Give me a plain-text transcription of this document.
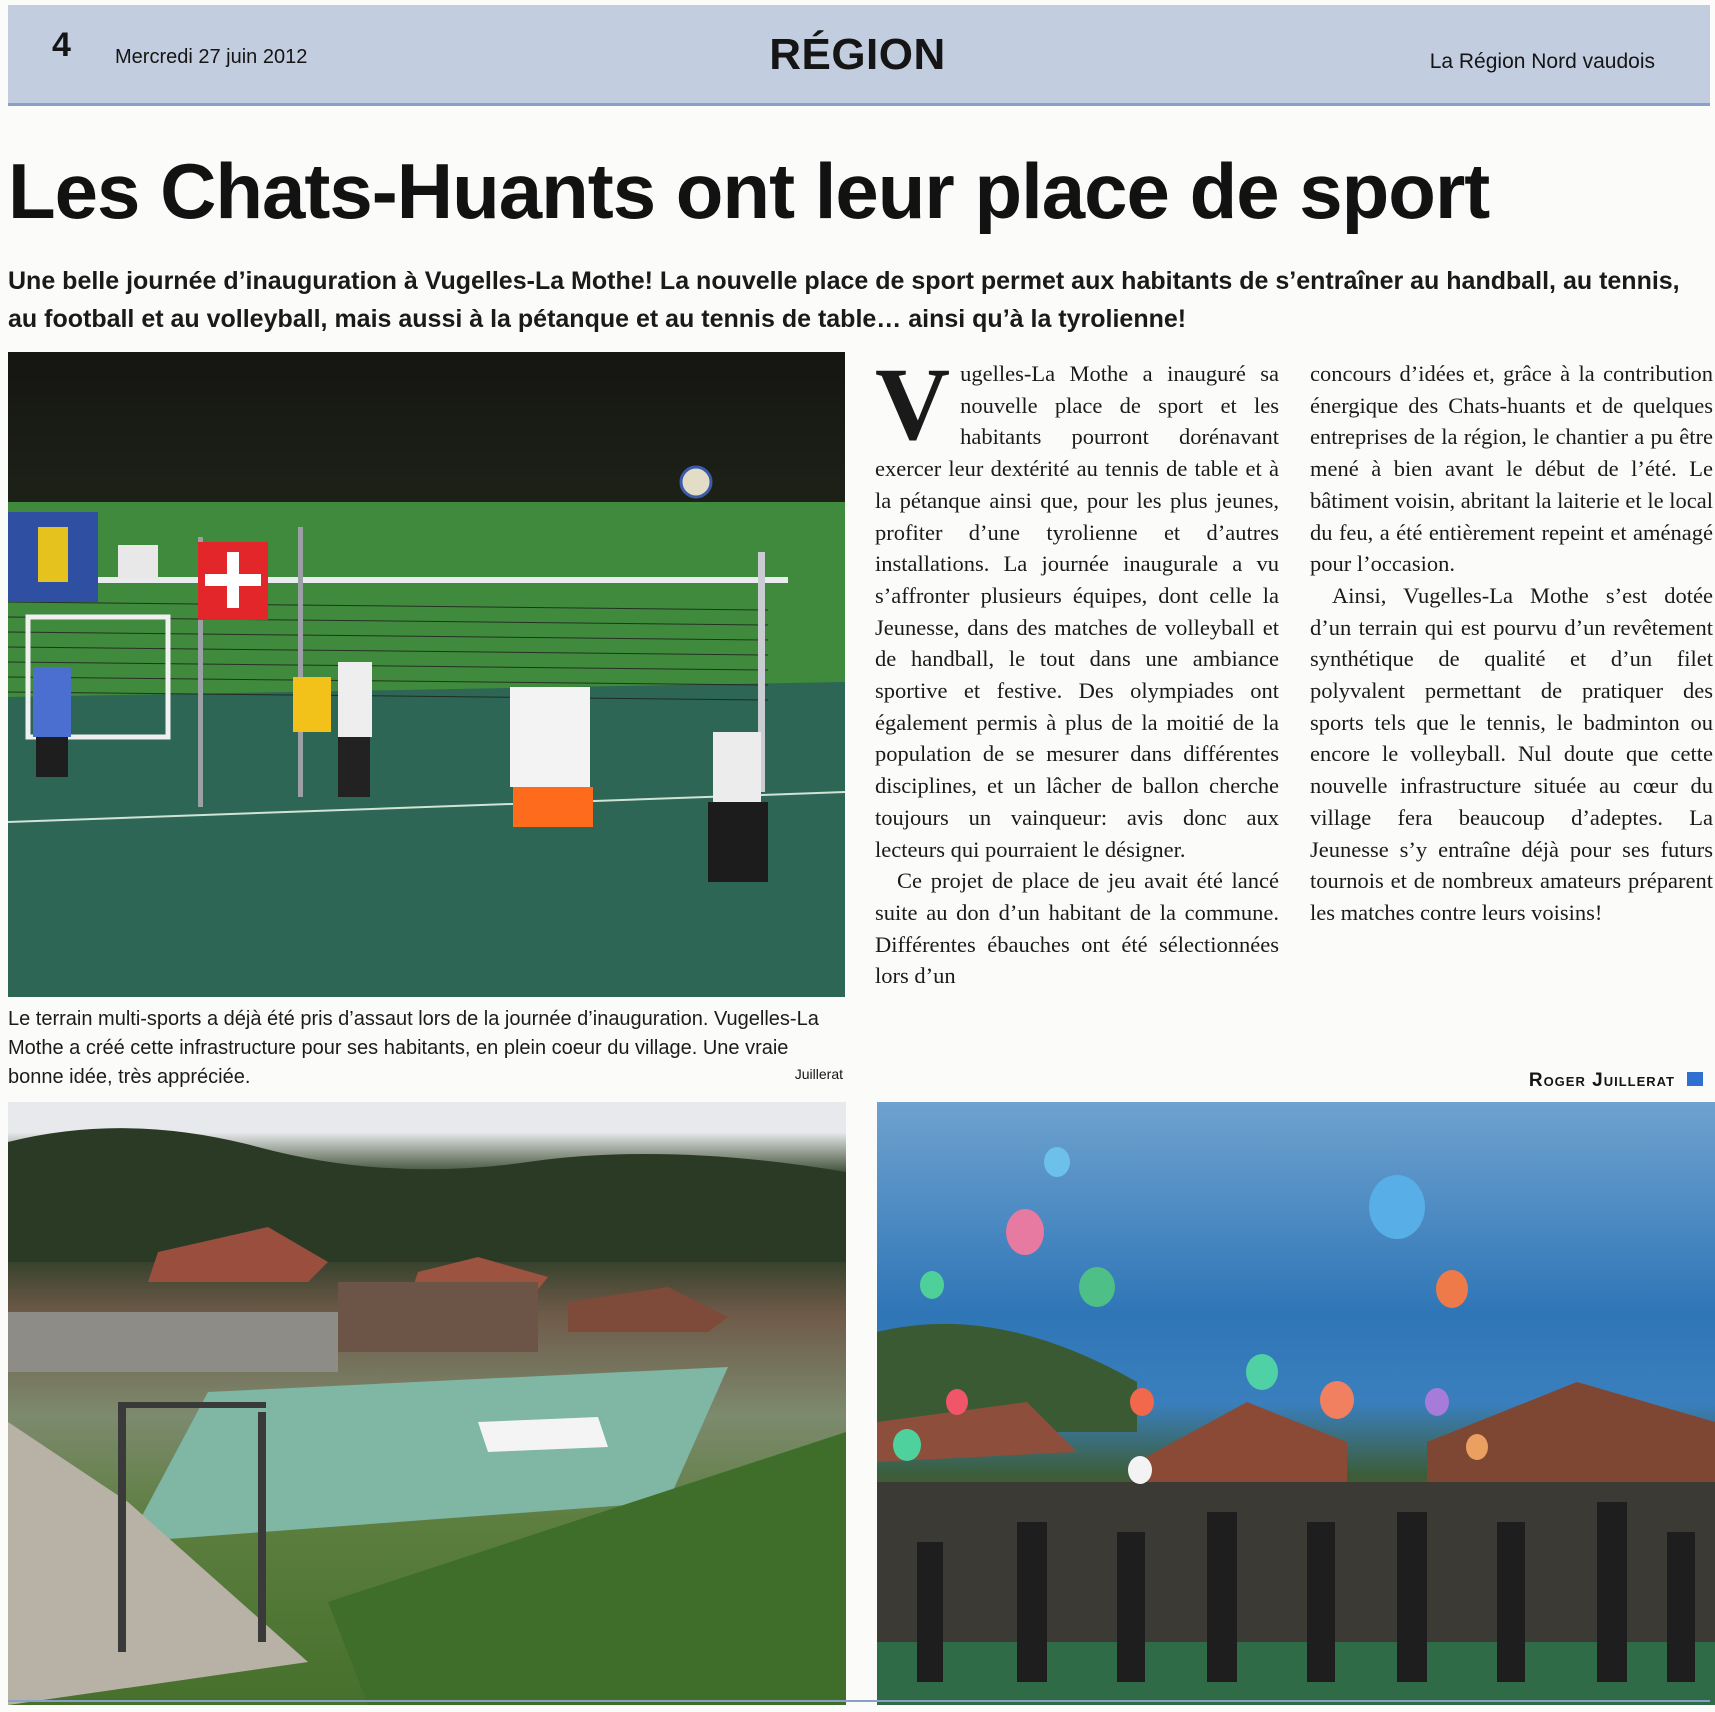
4 Mercredi 27 juin 2012	RÉGION	La Région Nord vaudois
Les Chats-Huants ont leur place de sport
Une belle journée d’inauguration à Vugelles-La Mothe! La nouvelle place de sport permet aux habitants de s’entraîner au handball, au tennis, au football et au volleyball, mais aussi à la pétanque et au tennis de table… ainsi qu’à la tyrolienne!
Le terrain multi-sports a déjà été pris d’assaut lors de la journée d’inauguration. Vugelles-La Mothe a créé cette infrastructure pour ses habitants, en plein coeur du village. Une vraie bonne idée, très appréciée.	Juillerat
V ugelles-La Mothe a inauguré sa nouvelle place de sport et les habitants pourront dorénavant exercer leur dextérité au tennis de table et à la pétanque ainsi que, pour les plus jeunes, profiter d’une tyrolienne et d’autres installations. La journée inaugurale a vu s’affronter plusieurs équipes, dont celle la Jeunesse, dans des matches de volleyball et de handball, le tout dans une ambiance sportive et festive. Des olympiades ont également permis à plus de la moitié de la population de se mesurer dans différentes disciplines, et un lâcher de ballon cherche toujours un vainqueur: avis donc aux lecteurs qui pourraient le désigner.

Ce projet de place de jeu avait été lancé suite au don d’un habitant de la commune. Différentes ébauches ont été sélectionnées lors d’un

concours d’idées et, grâce à la contribution énergique des Chats-huants et de quelques entreprises de la région, le chantier a pu être mené à bien avant le début de l’été. Le bâtiment voisin, abritant la laiterie et le local du feu, a été entièrement repeint et aménagé pour l’occasion.

Ainsi, Vugelles-La Mothe s’est dotée d’un terrain qui est pourvu d’un revêtement synthétique de qualité et d’un filet polyvalent permettant de pratiquer des sports tels que le tennis, le badminton ou encore le volleyball. Nul doute que cette nouvelle infrastructure située au cœur du village fera beaucoup d’adeptes. La Jeunesse s’y entraîne déjà pour ses futurs tournois et de nombreux amateurs préparent les matches contre leurs voisins!

Roger Juillerat
